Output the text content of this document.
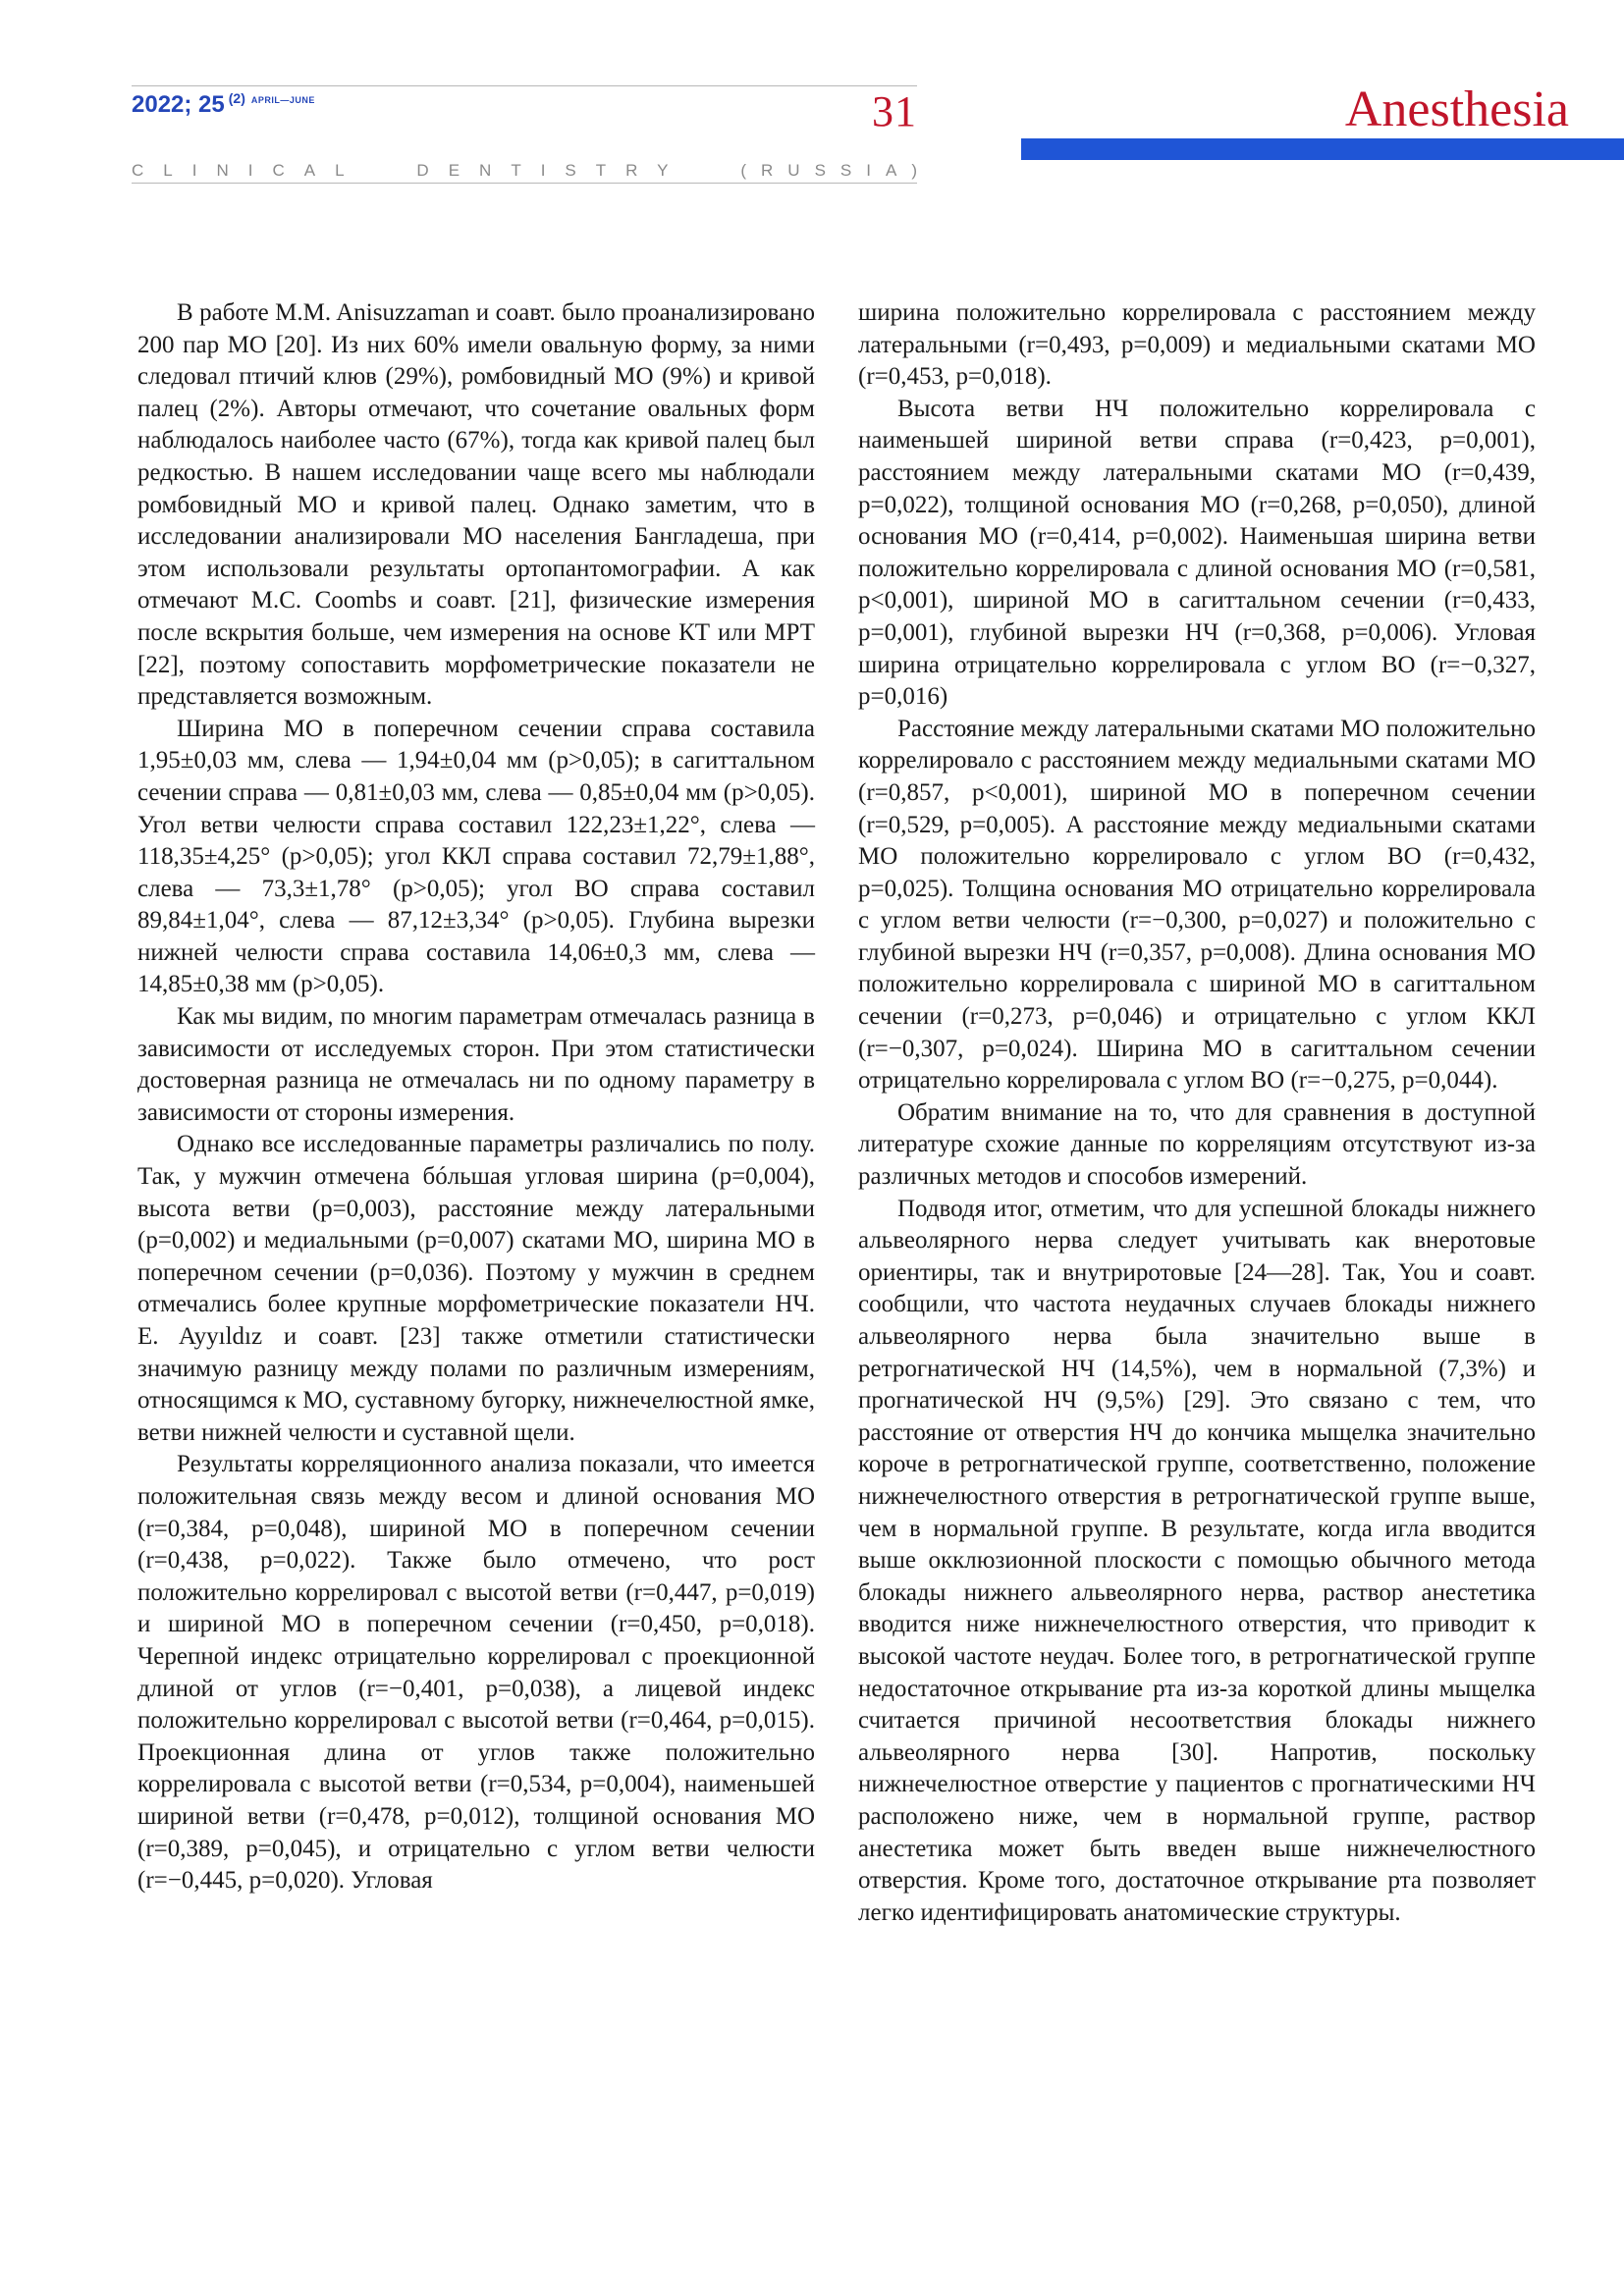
2022; 25 $^{(2)}$ $^{APRIL—JUNE}$	31
CLINICAL	DENTISTRY	(RUSSIA)
Anesthesia

В работе M.M. Anisuzzaman и соавт. было проанализировано 200 пар МО [20]. Из них 60% имели овальную форму, за ними следовал птичий клюв (29%), ромбовидный МО (9%) и кривой палец (2%). Авторы отмечают, что сочетание овальных форм наблюдалось наиболее часто (67%), тогда как кривой палец был редкостью. В нашем исследовании чаще всего мы наблюдали ромбовидный МО и кривой палец. Однако заметим, что в исследовании анализировали МО населения Бангладеша, при этом использовали результаты ортопантомографии. А как отмечают M.C. Coombs и соавт. [21], физические измерения после вскрытия больше, чем измерения на основе КТ или МРТ [22], поэтому сопоставить морфометрические показатели не представляется возможным.

Ширина МО в поперечном сечении справа составила 1,95±0,03 мм, слева — 1,94±0,04 мм (p>0,05); в сагиттальном сечении справа — 0,81±0,03 мм, слева — 0,85±0,04 мм (p>0,05). Угол ветви челюсти справа составил 122,23±1,22°, слева — 118,35±4,25° (p>0,05); угол ККЛ справа составил 72,79±1,88°, слева — 73,3±1,78° (p>0,05); угол ВО справа составил 89,84±1,04°, слева — 87,12±3,34° (p>0,05). Глубина вырезки нижней челюсти справа составила 14,06±0,3 мм, слева — 14,85±0,38 мм (p>0,05).

Как мы видим, по многим параметрам отмечалась разница в зависимости от исследуемых сторон. При этом статистически достоверная разница не отмечалась ни по одному параметру в зависимости от стороны измерения.

Однако все исследованные параметры различались по полу. Так, у мужчин отмечена бóльшая угловая ширина (p=0,004), высота ветви (p=0,003), расстояние между латеральными (p=0,002) и медиальными (p=0,007) скатами МО, ширина МО в поперечном сечении (p=0,036). Поэтому у мужчин в среднем отмечались более крупные морфометрические показатели НЧ. E. Ayyıldız и соавт. [23] также отметили статистически значимую разницу между полами по различным измерениям, относящимся к МО, суставному бугорку, нижнечелюстной ямке, ветви нижней челюсти и суставной щели.

Результаты корреляционного анализа показали, что имеется положительная связь между весом и длиной основания МО (r=0,384, p=0,048), шириной МО в поперечном сечении (r=0,438, p=0,022). Также было отмечено, что рост положительно коррелировал с высотой ветви (r=0,447, p=0,019) и шириной МО в поперечном сечении (r=0,450, p=0,018). Черепной индекс отрицательно коррелировал с проекционной длиной от углов (r=−0,401, p=0,038), а лицевой индекс положительно коррелировал с высотой ветви (r=0,464, p=0,015). Проекционная длина от углов также положительно коррелировала с высотой ветви (r=0,534, p=0,004), наименьшей шириной ветви (r=0,478, p=0,012), толщиной основания МО (r=0,389, p=0,045), и отрицательно с углом ветви челюсти (r=−0,445, p=0,020). Угловая

ширина положительно коррелировала с расстоянием между латеральными (r=0,493, p=0,009) и медиальными скатами МО (r=0,453, p=0,018).

Высота ветви НЧ положительно коррелировала с наименьшей шириной ветви справа (r=0,423, p=0,001), расстоянием между латеральными скатами МО (r=0,439, p=0,022), толщиной основания МО (r=0,268, p=0,050), длиной основания МО (r=0,414, p=0,002). Наименьшая ширина ветви положительно коррелировала с длиной основания МО (r=0,581, p<0,001), шириной МО в сагиттальном сечении (r=0,433, p=0,001), глубиной вырезки НЧ (r=0,368, p=0,006). Угловая ширина отрицательно коррелировала с углом ВО (r=−0,327, p=0,016)

Расстояние между латеральными скатами МО положительно коррелировало с расстоянием между медиальными скатами МО (r=0,857, p<0,001), шириной МО в поперечном сечении (r=0,529, p=0,005). А расстояние между медиальными скатами МО положительно коррелировало с углом ВО (r=0,432, p=0,025). Толщина основания МО отрицательно коррелировала с углом ветви челюсти (r=−0,300, p=0,027) и положительно с глубиной вырезки НЧ (r=0,357, p=0,008). Длина основания МО положительно коррелировала с шириной МО в сагиттальном сечении (r=0,273, p=0,046) и отрицательно с углом ККЛ (r=−0,307, p=0,024). Ширина МО в сагиттальном сечении отрицательно коррелировала с углом ВО (r=−0,275, p=0,044).

Обратим внимание на то, что для сравнения в доступной литературе схожие данные по корреляциям отсутствуют из-за различных методов и способов измерений.

Подводя итог, отметим, что для успешной блокады нижнего альвеолярного нерва следует учитывать как внеротовые ориентиры, так и внутриротовые [24—28]. Так, You и соавт. сообщили, что частота неудачных случаев блокады нижнего альвеолярного нерва была значительно выше в ретрогнатической НЧ (14,5%), чем в нормальной (7,3%) и прогнатической НЧ (9,5%) [29]. Это связано с тем, что расстояние от отверстия НЧ до кончика мыщелка значительно короче в ретрогнатической группе, соответственно, положение нижнечелюстного отверстия в ретрогнатической группе выше, чем в нормальной группе. В результате, когда игла вводится выше окклюзионной плоскости с помощью обычного метода блокады нижнего альвеолярного нерва, раствор анестетика вводится ниже нижнечелюстного отверстия, что приводит к высокой частоте неудач. Более того, в ретрогнатической группе недостаточное открывание рта из-за короткой длины мыщелка считается причиной несоответствия блокады нижнего альвеолярного нерва [30]. Напротив, поскольку нижнечелюстное отверстие у пациентов с прогнатическими НЧ расположено ниже, чем в нормальной группе, раствор анестетика может быть введен выше нижнечелюстного отверстия. Кроме того, достаточное открывание рта позволяет легко идентифицировать анатомические структуры.
